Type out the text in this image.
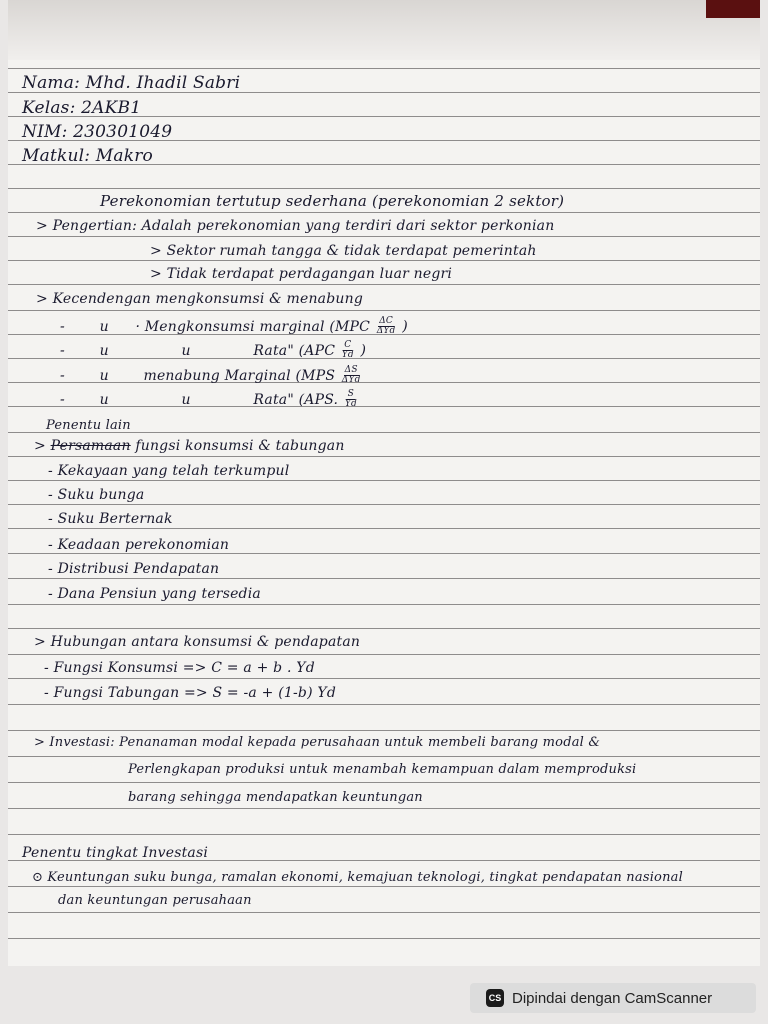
Nama: Mhd. Ihadil Sabri
Kelas: 2AKB1
NIM: 230301049
Matkul: Makro
Perekonomian tertutup sederhana (perekonomian 2 sektor)
> Pengertian: Adalah perekonomian yang terdiri dari sektor perkonian
> Sektor rumah tangga & tidak terdapat pemerintah
> Tidak terdapat perdagangan luar negri
> Kecendengan mengkonsumsi & menabung
- u · Mengkonsumsi marginal ($MPC \frac{\Delta C}{\text{ΔYd}}$ )
- u	u	Rata" ($APC \frac{C}{Yd}$ )
- u menabung Marginal ($MPS \frac{\Delta S}{\text{ΔYd}}$
- u	u	Rata" (APS. $\frac{S}{Yd}$
Penentu lain
> Persamaan fungsi konsumsi & tabungan
- Kekayaan yang telah terkumpul
- Suku bunga
- Suku Berternak
- Keadaan perekonomian
- Distribusi Pendapatan
- Dana Pensiun yang tersedia
> Hubungan antara konsumsi & pendapatan
- Fungsi Konsumsi => C = a + b . Yd
- Fungsi Tabungan => S = -a + (1-b) Yd
> Investasi: Penanaman modal kepada perusahaan untuk membeli barang modal &
Perlengkapan produksi untuk menambah kemampuan dalam memproduksi
barang sehingga mendapatkan keuntungan
Penentu tingkat Investasi
⊙ Keuntungan suku bunga, ramalan ekonomi, kemajuan teknologi, tingkat pendapatan nasional
dan keuntungan perusahaan
CS Dipindai dengan CamScanner
